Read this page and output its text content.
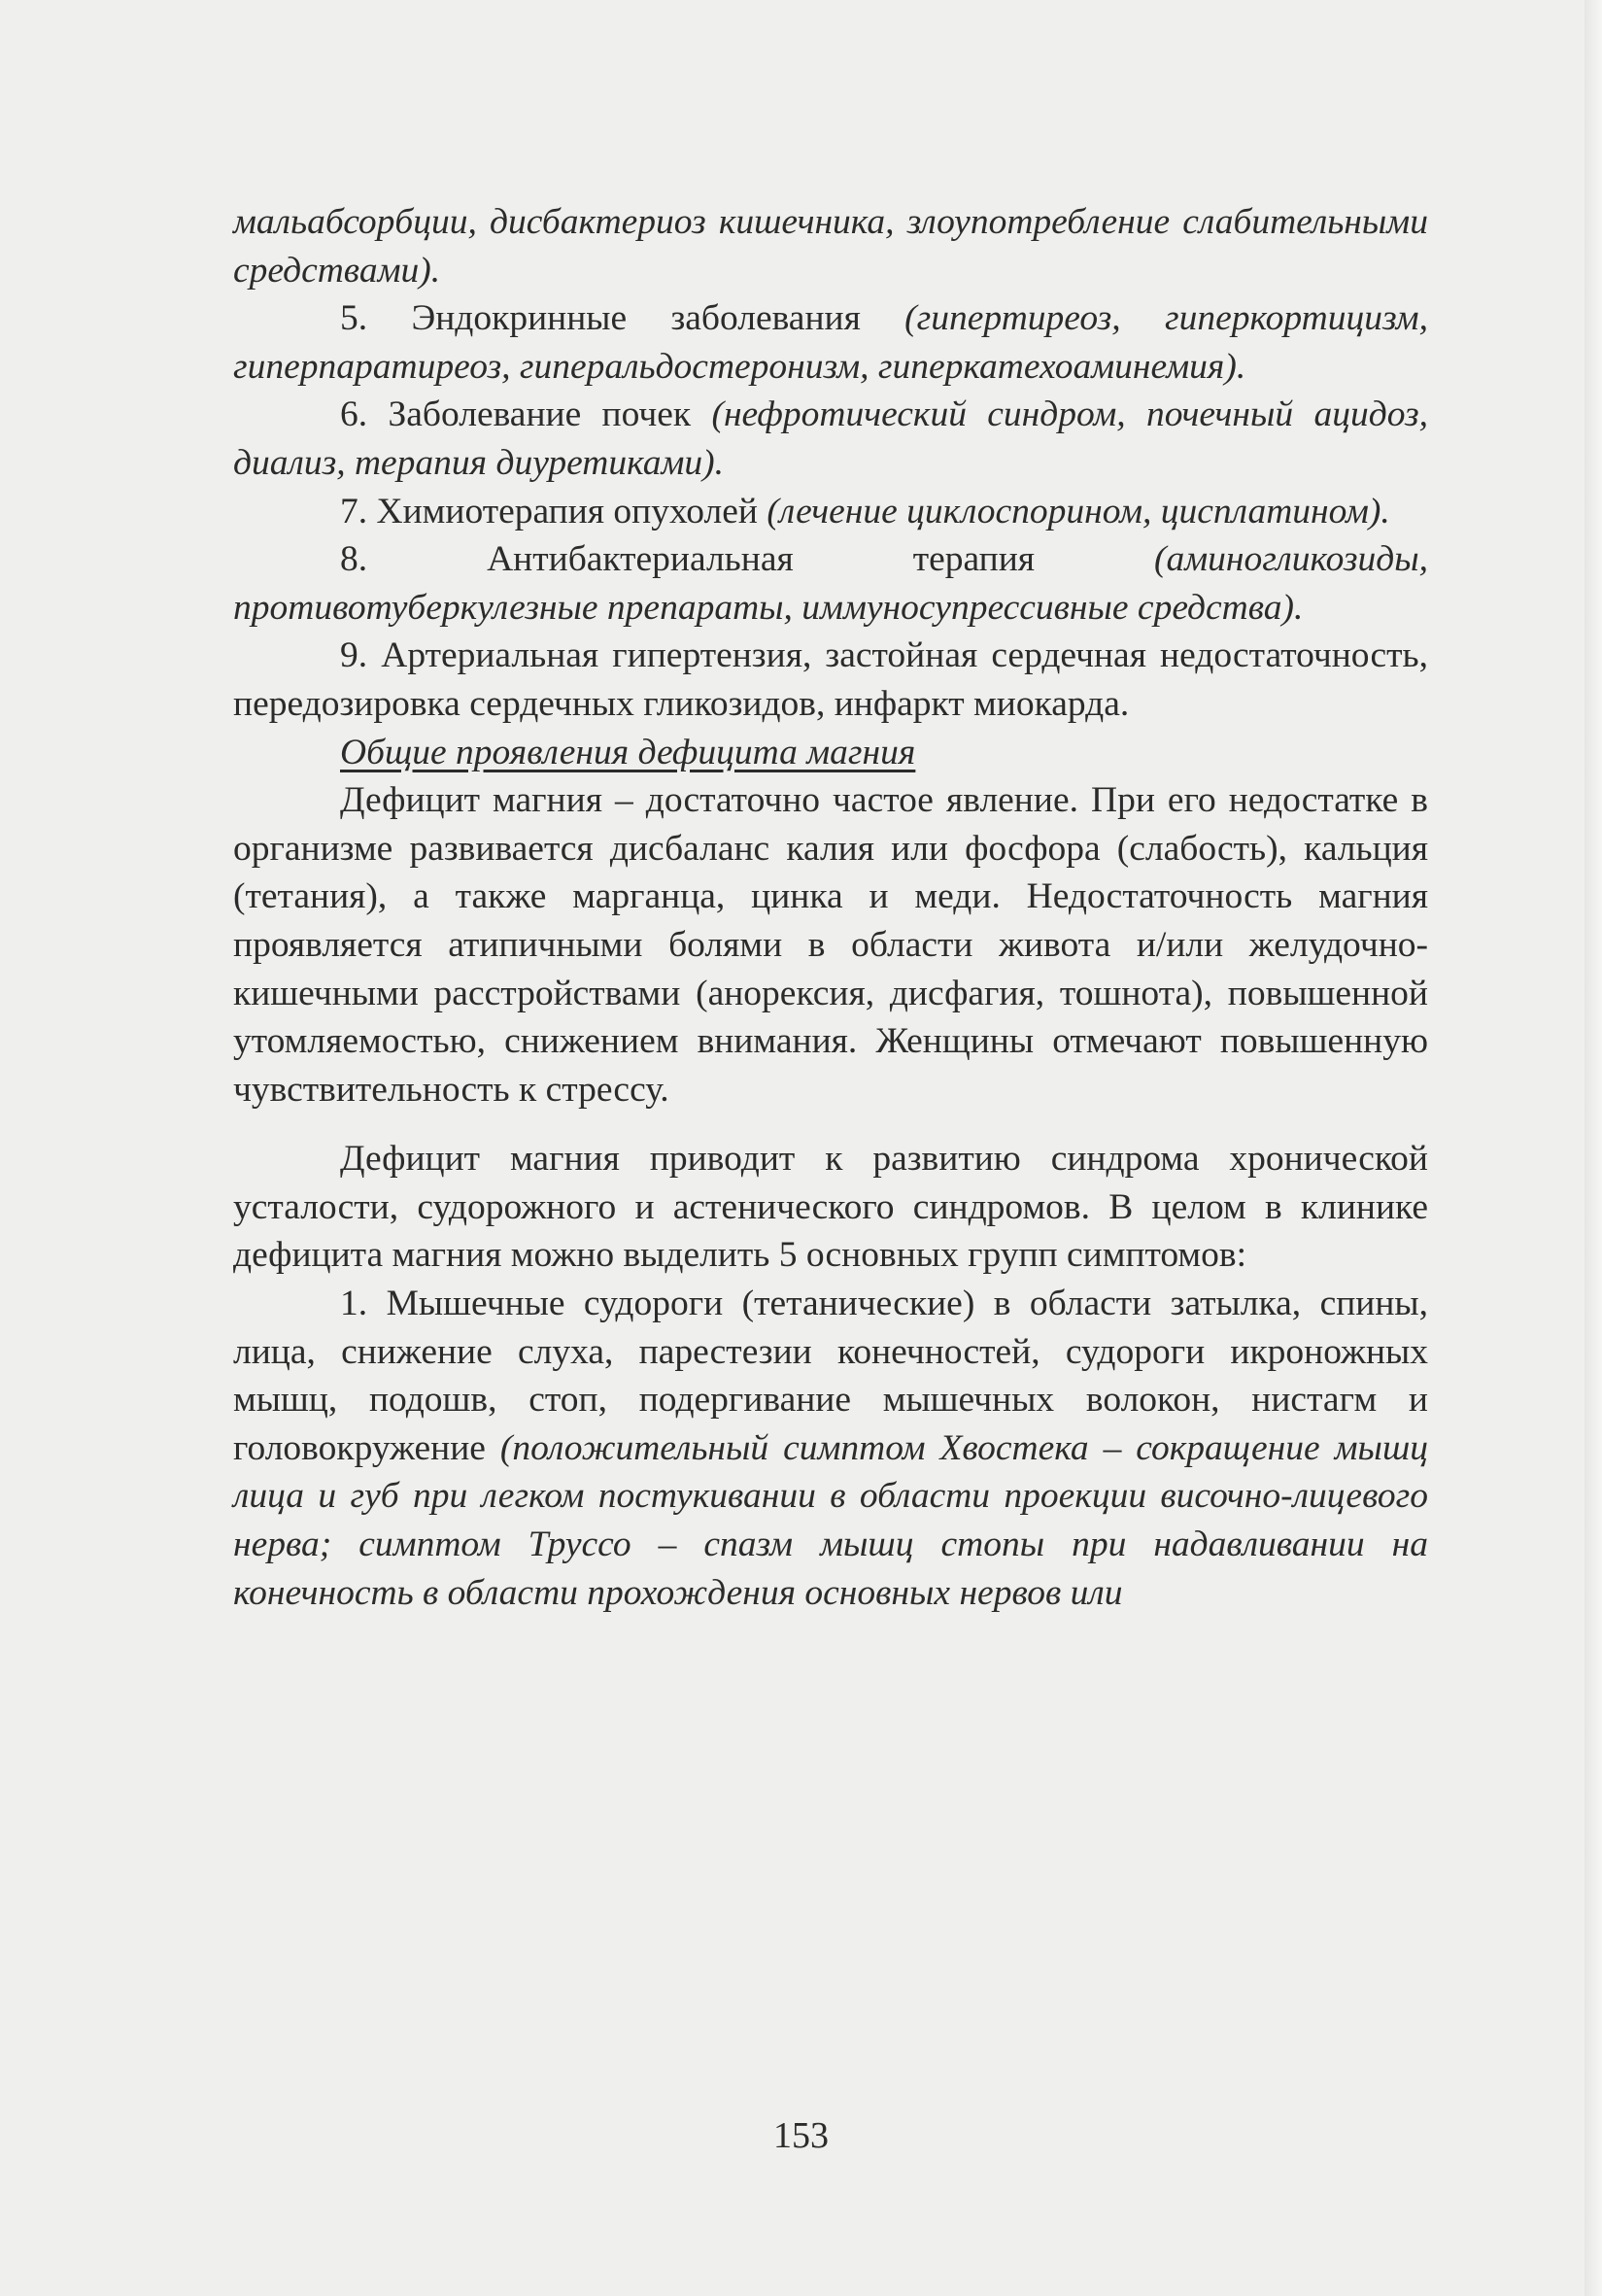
мальабсорбции, дисбактериоз кишечника, злоупотребление слабительными средствами).

5. Эндокринные заболевания (гипертиреоз, гиперкортицизм, гиперпаратиреоз, гиперальдостеронизм, гиперкатехоаминемия).

6. Заболевание почек (нефротический синдром, почечный ацидоз, диализ, терапия диуретиками).

7. Химиотерапия опухолей (лечение циклоспорином, цисплатином).

8. Антибактериальная терапия (аминогликозиды, противотуберкулезные препараты, иммуносупрессивные средства).

9. Артериальная гипертензия, застойная сердечная недостаточность, передозировка сердечных гликозидов, инфаркт миокарда.

Общие проявления дефицита магния

Дефицит магния – достаточно частое явление. При его недостатке в организме развивается дисбаланс калия или фосфора (слабость), кальция (тетания), а также марганца, цинка и меди. Недостаточность магния проявляется атипичными болями в области живота и/или желудочно-кишечными расстройствами (анорексия, дисфагия, тошнота), повышенной утомляемостью, снижением внимания. Женщины отмечают повышенную чувствительность к стрессу.

Дефицит магния приводит к развитию синдрома хронической усталости, судорожного и астенического синдромов. В целом в клинике дефицита магния можно выделить 5 основных групп симптомов:

1. Мышечные судороги (тетанические) в области затылка, спины, лица, снижение слуха, парестезии конечностей, судороги икроножных мышц, подошв, стоп, подергивание мышечных волокон, нистагм и головокружение (положительный симптом Хвостека – сокращение мышц лица и губ при легком постукивании в области проекции височно-лицевого нерва; симптом Труссо – спазм мышц стопы при надавливании на конечность в области прохождения основных нервов или

153
